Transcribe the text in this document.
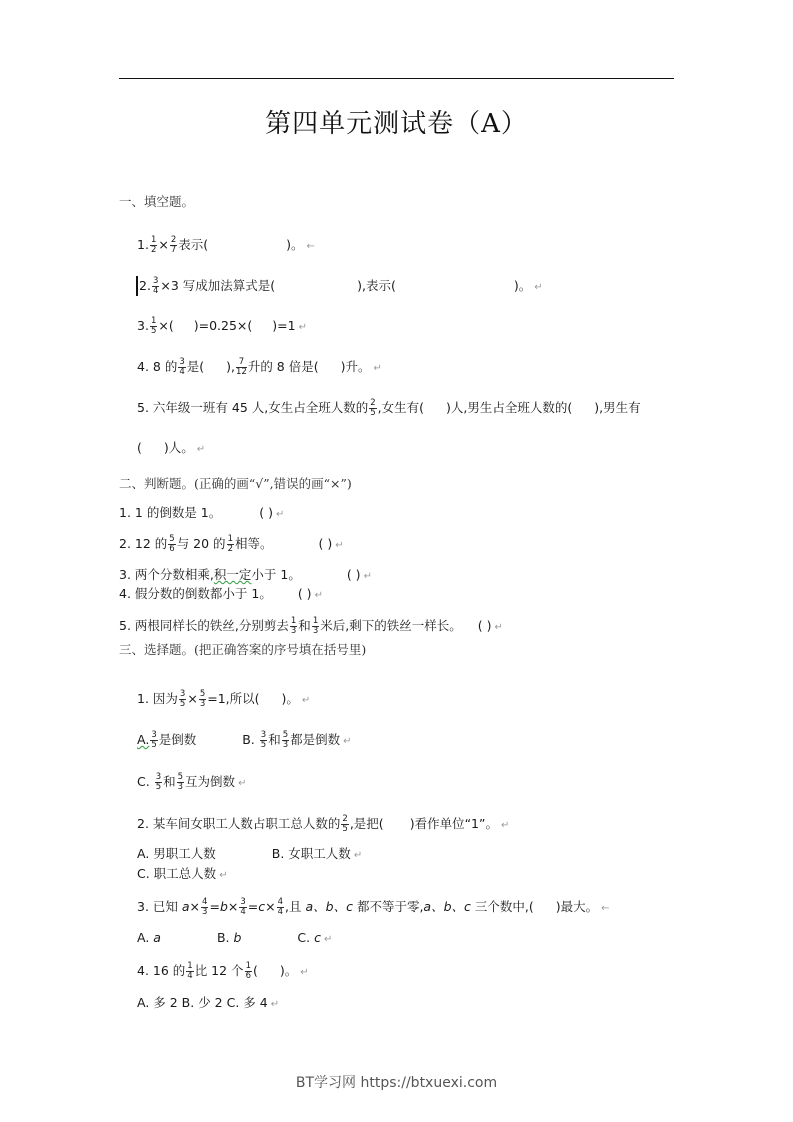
第四单元测试卷（A）
一、填空题。
1. $\frac{1}{2} \times \frac{2}{7}$ 表示(	)。 ←
2. $\frac{3}{4} \times 3$ 写成加法算式是(	),表示(	)。 ↵
3. $\frac{1}{5}$ ×( )=0.25×( )=1 ↵
4. 8 的 $\frac{3}{4}$ 是( ), $\frac{7}{12}$ 升的 8 倍是( )升。 ↵
5. 六年级一班有 45 人,女生占全班人数的 $\frac{2}{5}$ ,女生有( )人,男生占全班人数的( ),男生有
( )人。 ↵
二、判断题。(正确的画“√”,错误的画“×”)
1. 1 的倒数是 1。	( ) ↵
2. 12 的 $\frac{5}{6}$ 与 20 的 $\frac{1}{2}$ 相等。	( ) ↵
3. 两个分数相乘,积一定小于 1。	( ) ↵
4. 假分数的倒数都小于 1。 ( ) ↵
5. 两根同样长的铁丝,分别剪去 $\frac{1}{3}$ 和 $\frac{1}{3}$ 米后,剩下的铁丝一样长。 ( ) ↵
三、选择题。(把正确答案的序号填在括号里)
1. 因为 $\frac{3}{5} \times \frac{5}{3} =1$,所以( )。 ↵
A. $\frac{3}{5}$ 是倒数	B. $\frac{3}{5}$ 和 $\frac{5}{3}$ 都是倒数 ↵
C. $\frac{3}{5}$ 和 $\frac{5}{3}$ 互为倒数 ↵
2. 某车间女职工人数占职工总人数的 $\frac{2}{5}$ ,是把( )看作单位“1”。 ↵
A. 男职工人数	B. 女职工人数 ↵
C. 职工总人数 ↵
3. 已知 $a\times \frac{4}{3} =b\times \frac{3}{4} =c\times \frac{4}{4}$ ,且 a、b、c 都不等于零,a、b、c 三个数中,( )最大。 ←
A. a	B. b	C. c ↵
4. 16 的 $\frac{1}{4}$ 比 12 个 $\frac{1}{6}$ ( )。 ↵
A. 多 2 B. 少 2 C. 多 4 ↵
BT学习网 https://btxuexi.com
